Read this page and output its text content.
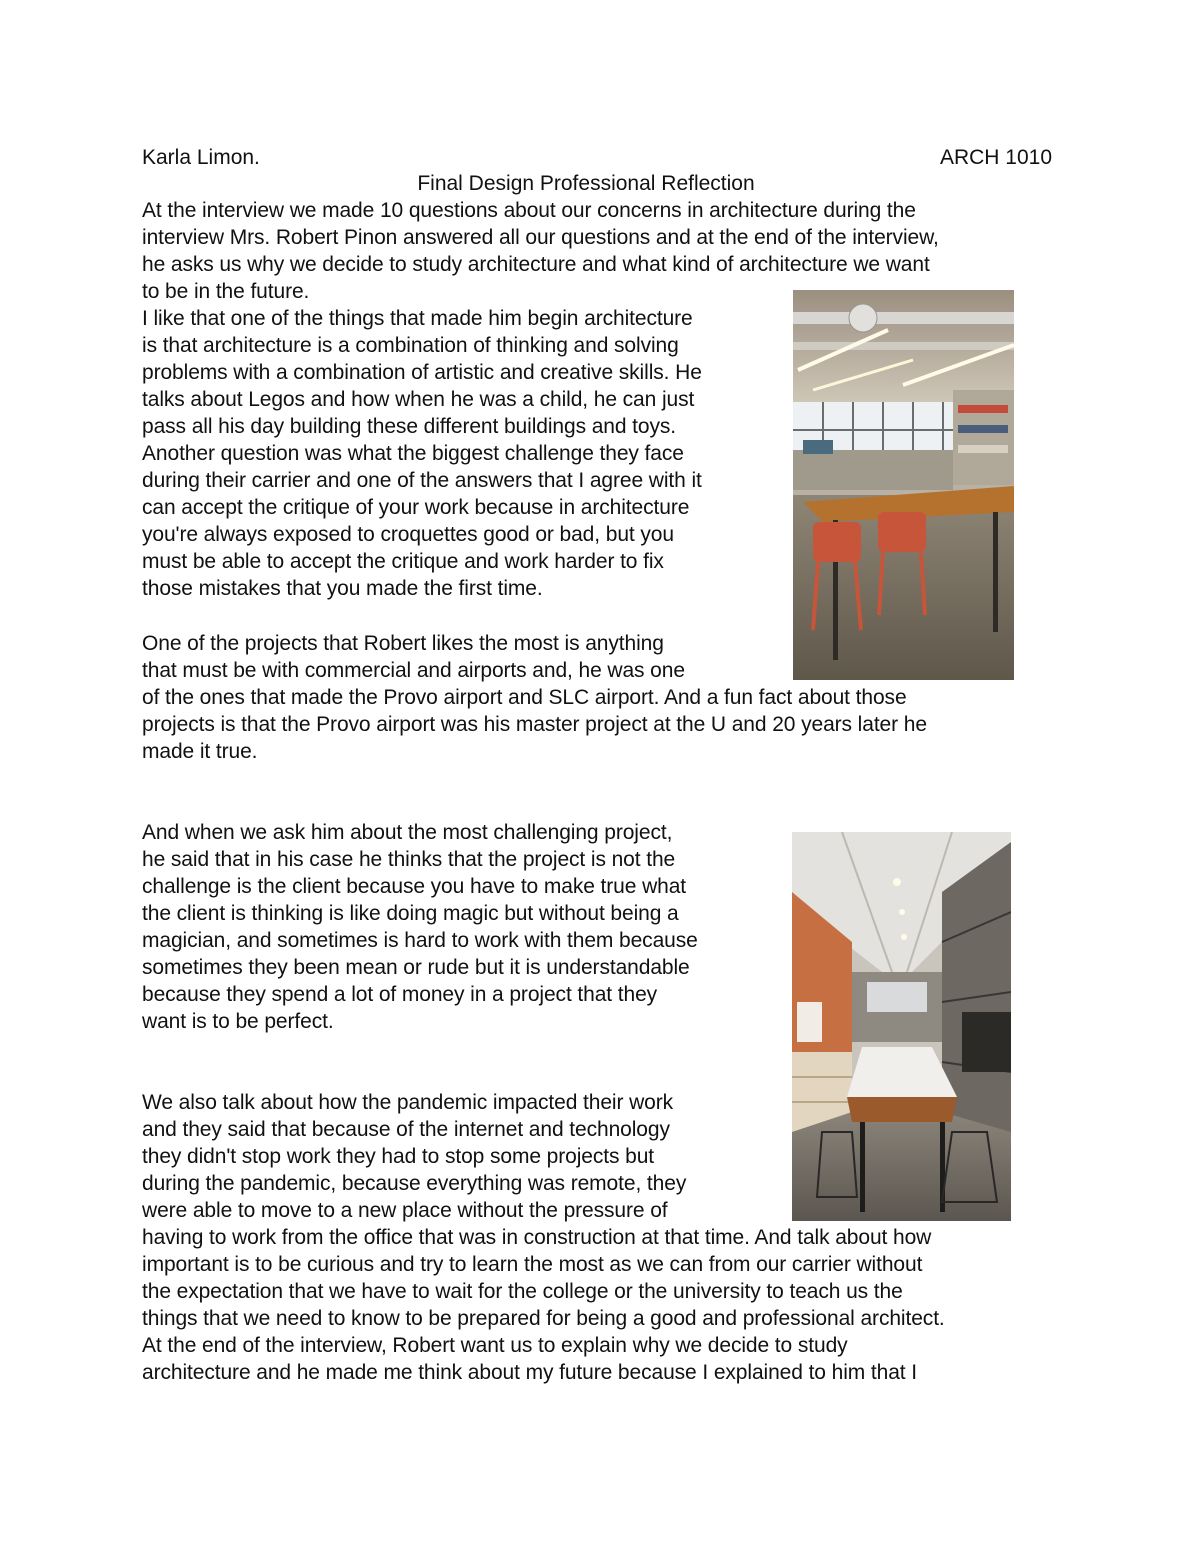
Karla Limon.	ARCH 1010
Final Design Professional Reflection

At the interview we made 10 questions about our concerns in architecture during the

interview Mrs. Robert Pinon answered all our questions and at the end of the interview,

he asks us why we decide to study architecture and what kind of architecture we want

to be in the future.

I like that one of the things that made him begin architecture

is that architecture is a combination of thinking and solving

problems with a combination of artistic and creative skills. He

talks about Legos and how when he was a child, he can just

pass all his day building these different buildings and toys.

Another question was what the biggest challenge they face

during their carrier and one of the answers that I agree with it

can accept the critique of your work because in architecture

you're always exposed to croquettes good or bad, but you

must be able to accept the critique and work harder to fix

those mistakes that you made the first time.

One of the projects that Robert likes the most is anything

that must be with commercial and airports and, he was one

of the ones that made the Provo airport and SLC airport. And a fun fact about those

projects is that the Provo airport was his master project at the U and 20 years later he

made it true.

And when we ask him about the most challenging project,

he said that in his case he thinks that the project is not the

challenge is the client because you have to make true what

the client is thinking is like doing magic but without being a

magician, and sometimes is hard to work with them because

sometimes they been mean or rude but it is understandable

because they spend a lot of money in a project that they

want is to be perfect.

We also talk about how the pandemic impacted their work

and they said that because of the internet and technology

they didn't stop work they had to stop some projects but

during the pandemic, because everything was remote, they

were able to move to a new place without the pressure of

having to work from the office that was in construction at that time. And talk about how

important is to be curious and try to learn the most as we can from our carrier without

the expectation that we have to wait for the college or the university to teach us the

things that we need to know to be prepared for being a good and professional architect.

At the end of the interview, Robert want us to explain why we decide to study

architecture and he made me think about my future because I explained to him that I
